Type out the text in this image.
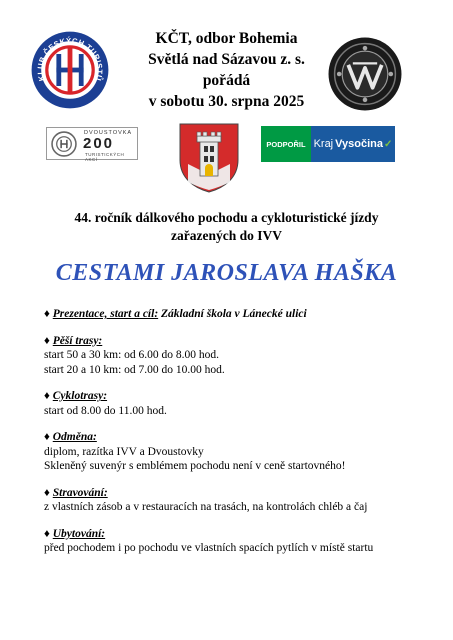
KČT, odbor Bohemia
Světlá nad Sázavou z. s.
pořádá
v sobotu 30. srpna 2025
KLUB ČESKÝCH TURISTŮ
DVOUSTOVKA
200
TURISTICKÝCH AKCÍ
PODPOŘIL Kraj Vysočina ✓
44. ročník dálkového pochodu a cykloturistické jízdy
zařazených do IVV
CESTAMI JAROSLAVA HAŠKA
♦ Prezentace, start a cíl: Základní škola v Lánecké ulici
♦ Pěší trasy:
start 50 a 30 km: od 6.00 do 8.00 hod.
start 20 a 10 km: od 7.00 do 10.00 hod.
♦ Cyklotrasy:
start od 8.00 do 11.00 hod.
♦ Odměna:
diplom, razítka IVV a Dvoustovky
Skleněný suvenýr s emblémem pochodu není v ceně startovného!
♦ Stravování:
z vlastních zásob a v restauracích na trasách, na kontrolách chléb a čaj
♦ Ubytování:
před pochodem i po pochodu ve vlastních spacích pytlích v místě startu
